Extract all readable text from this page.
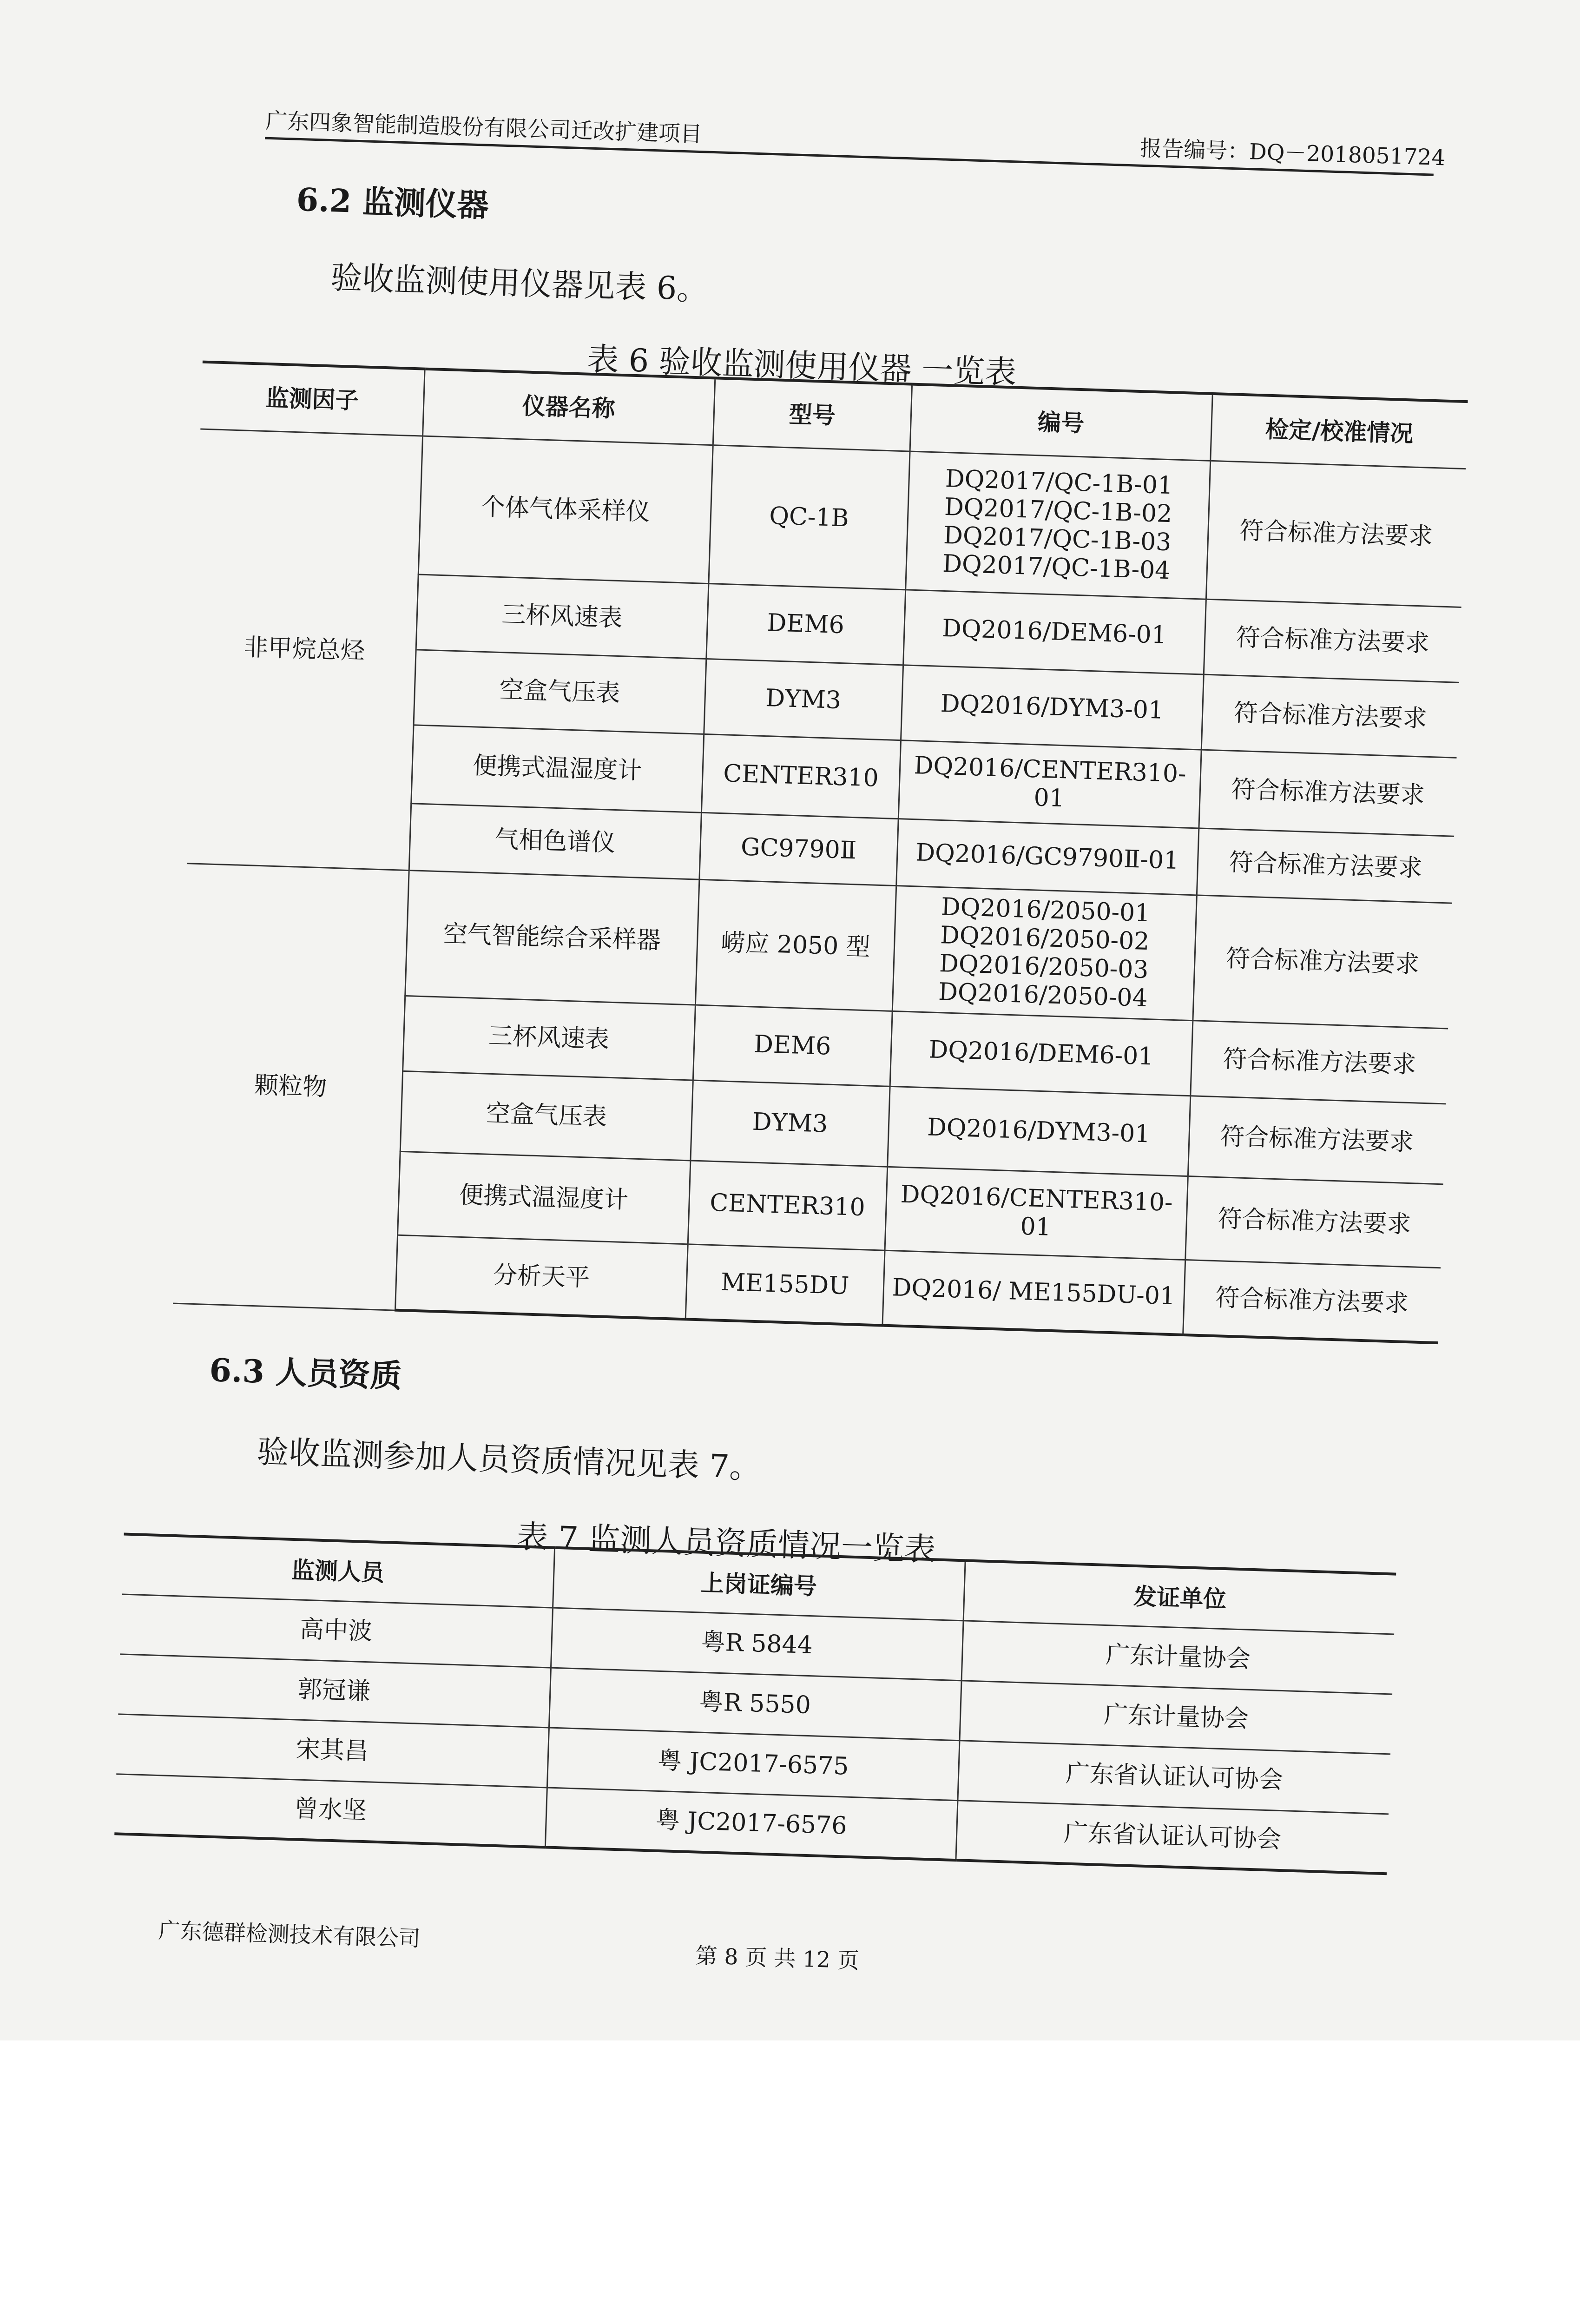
广东四象智能制造股份有限公司迁改扩建项目
报告编号：DQ－2018051724
6.2 监测仪器
验收监测使用仪器见表 6。
表 6 验收监测使用仪器 一览表
监测因子	仪器名称	型号	编号	检定/校准情况
非甲烷总烃	个体气体采样仪	QC-1B	DQ2017/QC-1B-01
DQ2017/QC-1B-02
DQ2017/QC-1B-03
DQ2017/QC-1B-04	符合标准方法要求
	三杯风速表	DEM6	DQ2016/DEM6-01	符合标准方法要求
	空盒气压表	DYM3	DQ2016/DYM3-01	符合标准方法要求
	便携式温湿度计	CENTER310	DQ2016/CENTER310-
01	符合标准方法要求
	气相色谱仪	GC9790Ⅱ	DQ2016/GC9790Ⅱ-01	符合标准方法要求
颗粒物	空气智能综合采样器	崂应 2050 型	DQ2016/2050-01
DQ2016/2050-02
DQ2016/2050-03
DQ2016/2050-04	符合标准方法要求
	三杯风速表	DEM6	DQ2016/DEM6-01	符合标准方法要求
	空盒气压表	DYM3	DQ2016/DYM3-01	符合标准方法要求
	便携式温湿度计	CENTER310	DQ2016/CENTER310-
01	符合标准方法要求
	分析天平	ME155DU	DQ2016/ ME155DU-01	符合标准方法要求
6.3 人员资质
验收监测参加人员资质情况见表 7。
表 7 监测人员资质情况一览表
监测人员	上岗证编号	发证单位
高中波	粤R 5844	广东计量协会
郭冠谦	粤R 5550	广东计量协会
宋其昌	粤 JC2017-6575	广东省认证认可协会
曾水坚	粤 JC2017-6576	广东省认证认可协会
广东德群检测技术有限公司
第 8 页 共 12 页
